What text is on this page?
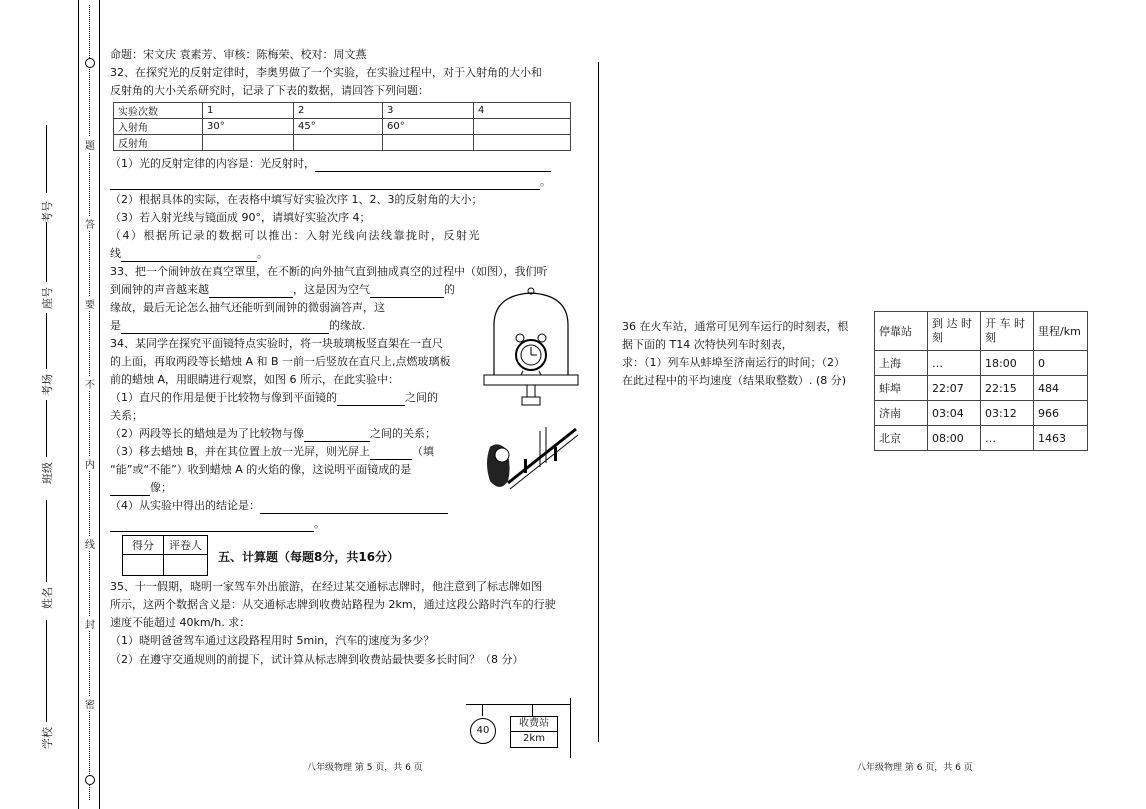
题
答
要
不
内
线
封
密
考号
座号
考场
班级
姓名
学校
命题：宋文庆 袁素芳、审核：陈梅荣、校对：周文燕
32、在探究光的反射定律时，李奥男做了一个实验，在实验过程中，对于入射角的大小和
反射角的大小关系研究时，记录了下表的数据，请回答下列问题：
实验次数	1	2	3	4
入射角	30°	45°	60°	
反射角				
（1）光的反射定律的内容是：光反射时，
。
（2）根据具体的实际，在表格中填写好实验次序 1、2、3的反射角的大小；
（3）若入射光线与镜面成 90°，请填好实验次序 4；
（4）根据所记录的数据可以推出：入射光线向法线靠拢时，反射光
线	。
33、把一个闹钟放在真空罩里，在不断的向外抽气直到抽成真空的过程中（如图），我们听
到闹钟的声音越来越	，这是因为空气	的
缘故，最后无论怎么抽气还能听到闹钟的微弱滴答声，这
是	的缘故.
34、某同学在探究平面镜特点实验时，将一块玻璃板竖直架在一直尺
的上面，再取两段等长蜡烛 A 和 B 一前一后竖放在直尺上,点燃玻璃板
前的蜡烛 A，用眼睛进行观察，如图 6 所示，在此实验中：
（1）直尺的作用是便于比较物与像到平面镜的	之间的
关系；
（2）两段等长的蜡烛是为了比较物与像	之间的关系；
（3）移去蜡烛 B，并在其位置上放一光屏，则光屏上	（填
“能”或“不能”）收到蜡烛 A 的火焰的像，这说明平面镜成的是
像；
（4）从实验中得出的结论是：
。
得分	评卷人

五、计算题（每题8分，共16分）
35、十一假期，晓明一家驾车外出旅游，在经过某交通标志牌时，他注意到了标志牌如图
所示，这两个数据含义是：从交通标志牌到收费站路程为 2km，通过这段公路时汽车的行驶
速度不能超过 40km/h. 求：
（1）晓明爸爸驾车通过这段路程用时 5min，汽车的速度为多少？
（2）在遵守交通规则的前提下，试计算从标志牌到收费站最快要多长时间？（8 分）
40
收费站
2km
八年级物理 第 5 页，共 6 页
36 在火车站，通常可见列车运行的时刻表，根
据下面的 T14 次特快列车时刻表，
求：（1）列车从蚌埠至济南运行的时间；（2）
在此过程中的平均速度（结果取整数）. (8 分)
停靠站	到 达 时刻	开 车 时刻	里程/km
上海	…	18:00	0
蚌埠	22:07	22:15	484
济南	03:04	03:12	966
北京	08:00	…	1463
八年级物理 第 6 页，共 6 页
